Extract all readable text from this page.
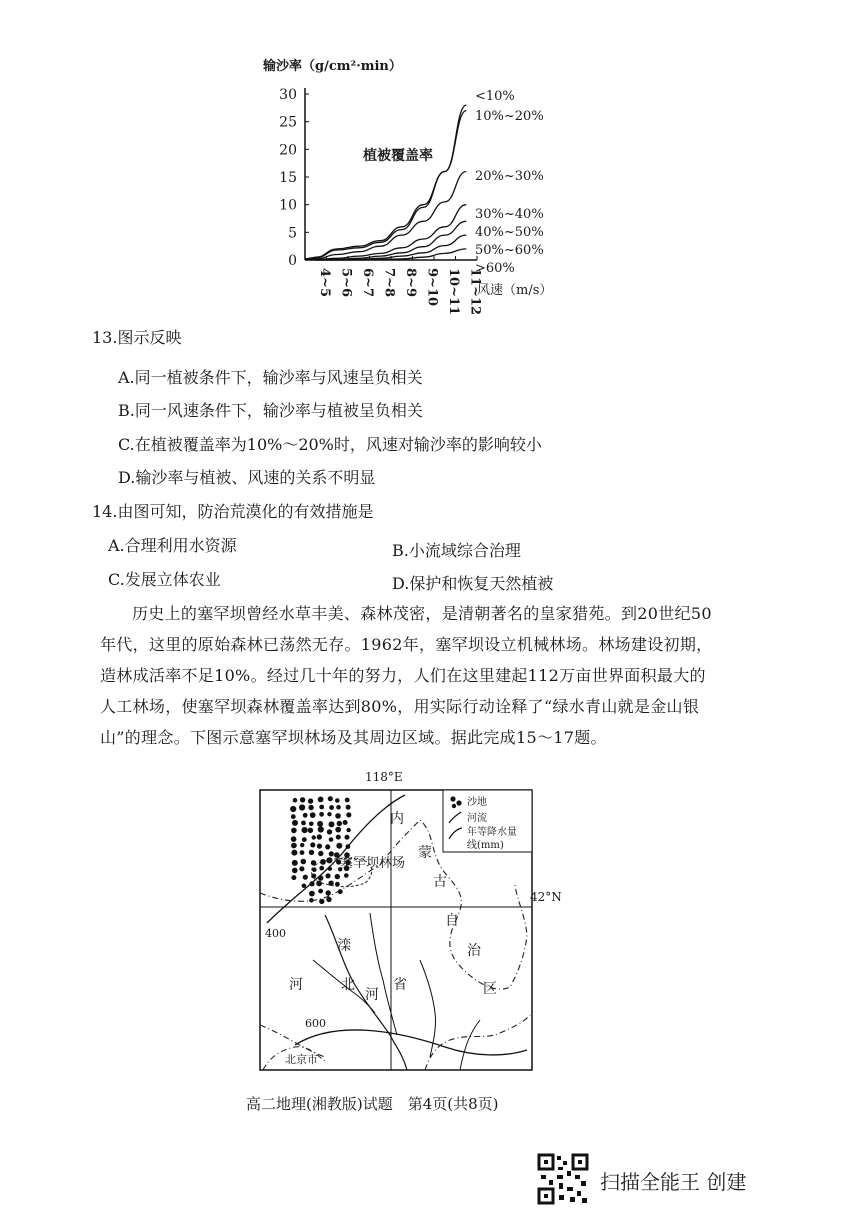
输沙率（g/cm²·min）
0
5
10
15
20
25
30
4~5 5~6 6~7 7~8 8~9 9~10 10~11 11~12
<10%
10%~20%
20%~30%
30%~40%
40%~50%
50%~60%
>60%
植被覆盖率
风速（m/s）
13.图示反映
A.同一植被条件下，输沙率与风速呈负相关
B.同一风速条件下，输沙率与植被呈负相关
C.在植被覆盖率为10%～20%时，风速对输沙率的影响较小
D.输沙率与植被、风速的关系不明显
14.由图可知，防治荒漠化的有效措施是
A.合理利用水资源	B.小流域综合治理
C.发展立体农业	D.保护和恢复天然植被
历史上的塞罕坝曾经水草丰美、森林茂密，是清朝著名的皇家猎苑。到20世纪50年代，这里的原始森林已荡然无存。1962年，塞罕坝设立机械林场。林场建设初期，造林成活率不足10%。经过几十年的努力，人们在这里建起112万亩世界面积最大的人工林场，使塞罕坝森林覆盖率达到80%，用实际行动诠释了“绿水青山就是金山银山”的理念。下图示意塞罕坝林场及其周边区域。据此完成15～17题。
118°E
42°N
400
600
塞罕坝林场
内
蒙
古
自
治
区
河	北	省
滦
河
北京市
沙地
河流
年等降水量
线(mm)
高二地理(湘教版)试题　第4页(共8页)
扫描全能王 创建
